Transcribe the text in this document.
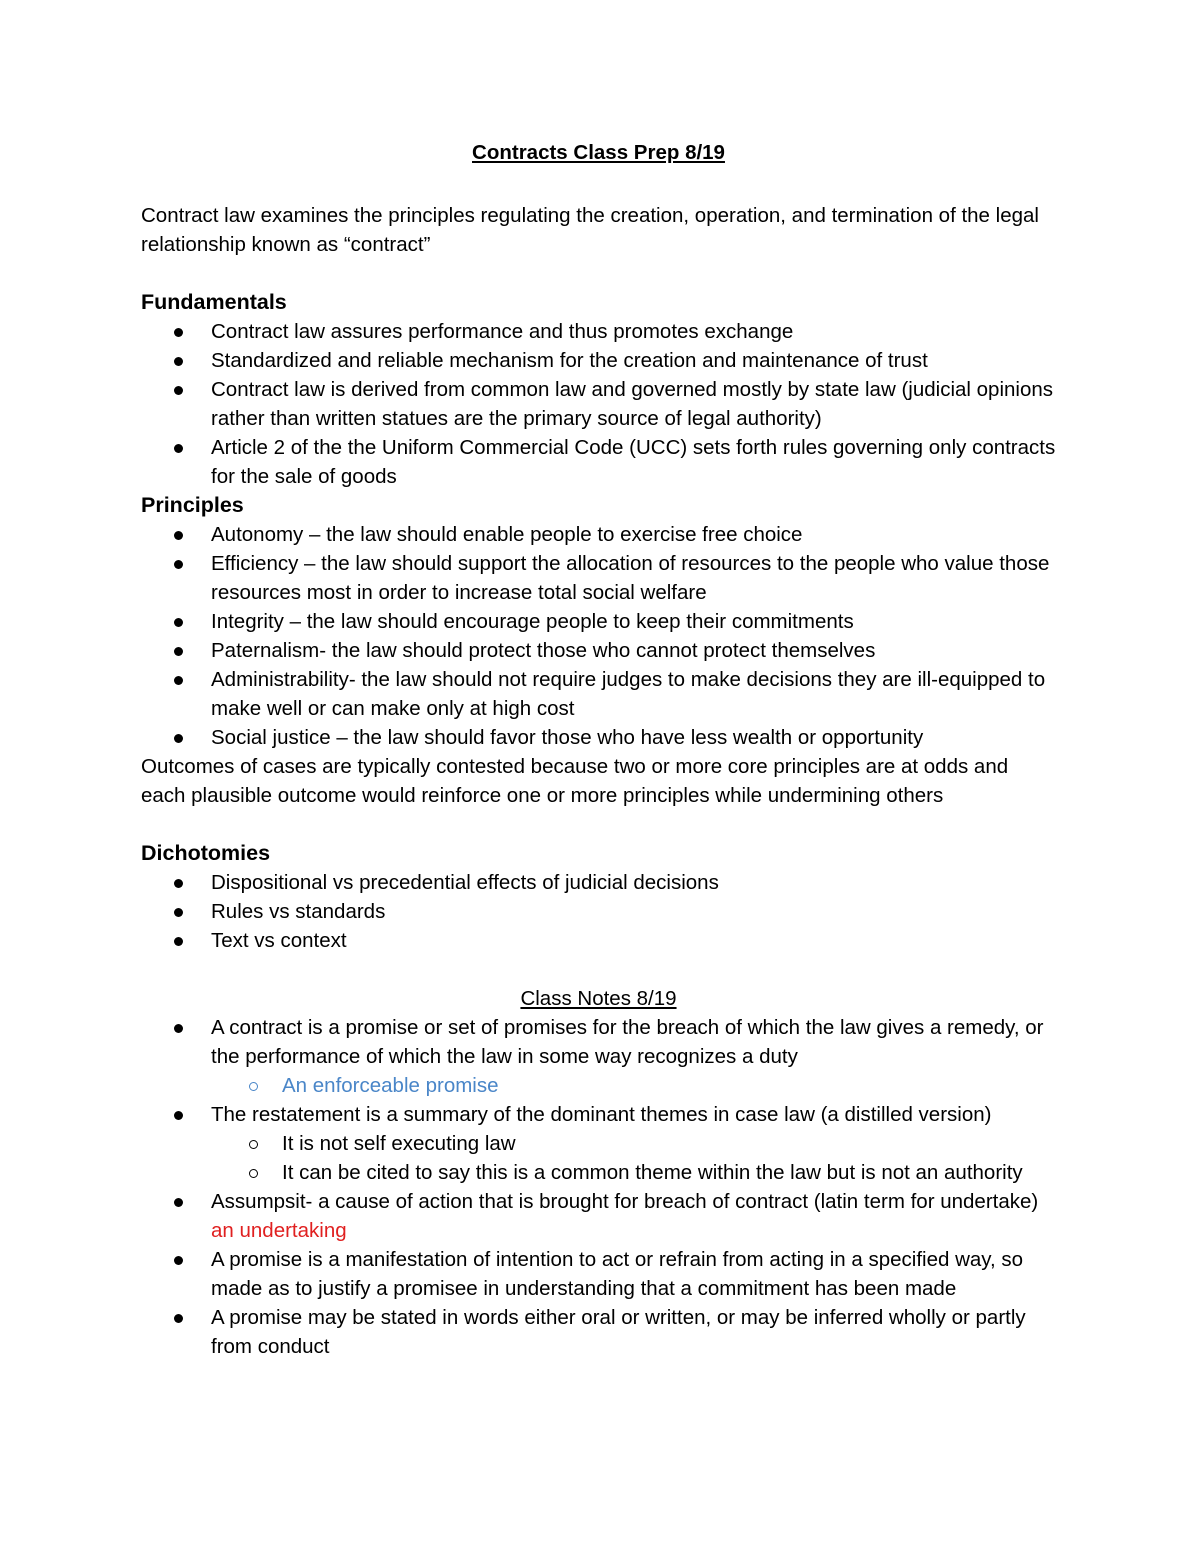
Contracts Class Prep 8/19

Contract law examines the principles regulating the creation, operation, and termination of the legal relationship known as “contract”

Fundamentals

Contract law assures performance and thus promotes exchange
Standardized and reliable mechanism for the creation and maintenance of trust
Contract law is derived from common law and governed mostly by state law (judicial opinions rather than written statues are the primary source of legal authority)
Article 2 of the the Uniform Commercial Code (UCC) sets forth rules governing only contracts for the sale of goods

Principles

Autonomy – the law should enable people to exercise free choice
Efficiency – the law should support the allocation of resources to the people who value those resources most in order to increase total social welfare
Integrity – the law should encourage people to keep their commitments
Paternalism- the law should protect those who cannot protect themselves
Administrability- the law should not require judges to make decisions they are ill-equipped to make well or can make only at high cost
Social justice – the law should favor those who have less wealth or opportunity

Outcomes of cases are typically contested because two or more core principles are at odds and each plausible outcome would reinforce one or more principles while undermining others

Dichotomies

Dispositional vs precedential effects of judicial decisions
Rules vs standards
Text vs context

Class Notes 8/19

A contract is a promise or set of promises for the breach of which the law gives a remedy, or the performance of which the law in some way recognizes a duty
An enforceable promise
The restatement is a summary of the dominant themes in case law (a distilled version)
It is not self executing law
It can be cited to say this is a common theme within the law but is not an authority
Assumpsit- a cause of action that is brought for breach of contract (latin term for undertake) an undertaking
A promise is a manifestation of intention to act or refrain from acting in a specified way, so made as to justify a promisee in understanding that a commitment has been made
A promise may be stated in words either oral or written, or may be inferred wholly or partly from conduct
